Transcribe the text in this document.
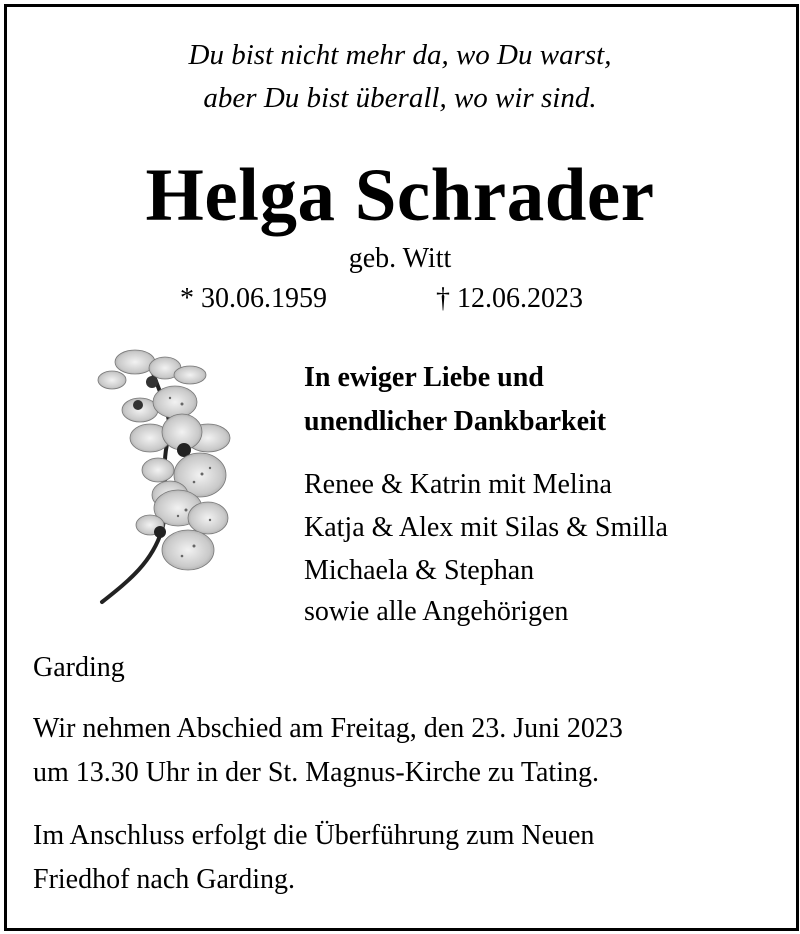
Du bist nicht mehr da, wo Du warst,

aber Du bist überall, wo wir sind.

Helga Schrader

geb. Witt

* 30.06.1959	† 12.06.2023

In ewiger Liebe und

unendlicher Dankbarkeit

Renee & Katrin mit Melina

Katja & Alex mit Silas & Smilla

Michaela & Stephan

sowie alle Angehörigen

Garding

Wir nehmen Abschied am Freitag, den 23. Juni 2023

um 13.30 Uhr in der St. Magnus-Kirche zu Tating.

Im Anschluss erfolgt die Überführung zum Neuen

Friedhof nach Garding.
